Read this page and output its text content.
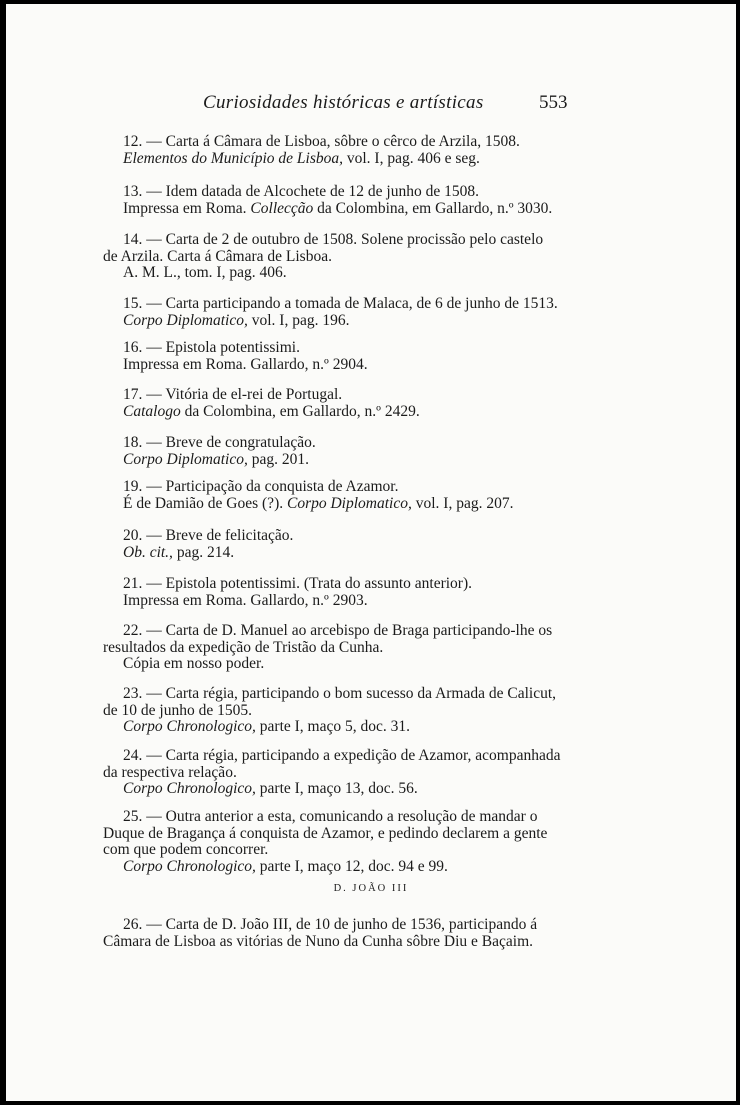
Curiosidades históricas e artísticas	553
12. — Carta á Câmara de Lisboa, sôbre o cêrco de Arzila, 1508.
Elementos do Município de Lisboa, vol. I, pag. 406 e seg.
13. — Idem datada de Alcochete de 12 de junho de 1508.
Impressa em Roma. Collecção da Colombina, em Gallardo, n.º 3030.
14. — Carta de 2 de outubro de 1508. Solene procissão pelo castelo
de Arzila. Carta á Câmara de Lisboa.
A. M. L., tom. I, pag. 406.
15. — Carta participando a tomada de Malaca, de 6 de junho de 1513.
Corpo Diplomatico, vol. I, pag. 196.
16. — Epistola potentissimi.
Impressa em Roma. Gallardo, n.º 2904.
17. — Vitória de el-rei de Portugal.
Catalogo da Colombina, em Gallardo, n.º 2429.
18. — Breve de congratulação.
Corpo Diplomatico, pag. 201.
19. — Participação da conquista de Azamor.
É de Damião de Goes (?). Corpo Diplomatico, vol. I, pag. 207.
20. — Breve de felicitação.
Ob. cit., pag. 214.
21. — Epistola potentissimi. (Trata do assunto anterior).
Impressa em Roma. Gallardo, n.º 2903.
22. — Carta de D. Manuel ao arcebispo de Braga participando-lhe os
resultados da expedição de Tristão da Cunha.
Cópia em nosso poder.
23. — Carta régia, participando o bom sucesso da Armada de Calicut,
de 10 de junho de 1505.
Corpo Chronologico, parte I, maço 5, doc. 31.
24. — Carta régia, participando a expedição de Azamor, acompanhada
da respectiva relação.
Corpo Chronologico, parte I, maço 13, doc. 56.
25. — Outra anterior a esta, comunicando a resolução de mandar o
Duque de Bragança á conquista de Azamor, e pedindo declarem a gente
com que podem concorrer.
Corpo Chronologico, parte I, maço 12, doc. 94 e 99.
D. JOÃO III
26. — Carta de D. João III, de 10 de junho de 1536, participando á
Câmara de Lisboa as vitórias de Nuno da Cunha sôbre Diu e Baçaim.
